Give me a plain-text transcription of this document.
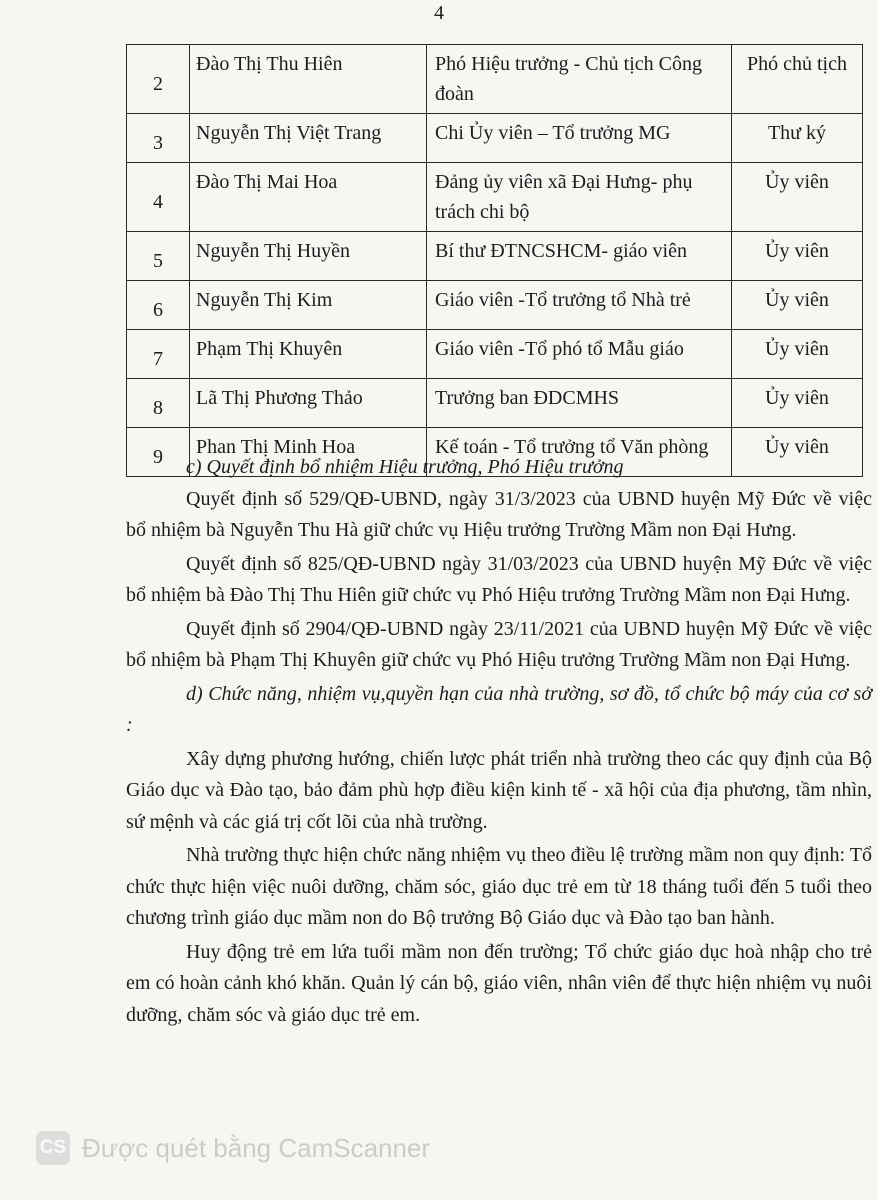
4
2	Đào Thị Thu Hiên	Phó Hiệu trưởng - Chủ tịch Công đoàn	Phó chủ tịch
3	Nguyễn Thị Việt Trang	Chi Ủy viên – Tổ trưởng MG	Thư ký
4	Đào Thị Mai Hoa	Đảng ủy viên xã Đại Hưng- phụ trách chi bộ	Ủy viên
5	Nguyễn Thị Huyền	Bí thư ĐTNCSHCM- giáo viên	Ủy viên
6	Nguyễn Thị Kim	Giáo viên -Tổ trưởng tổ Nhà trẻ	Ủy viên
7	Phạm Thị Khuyên	Giáo viên -Tổ phó tổ Mẫu giáo	Ủy viên
8	Lã Thị Phương Thảo	Trưởng ban ĐDCMHS	Ủy viên
9	Phan Thị Minh Hoa	Kế toán - Tổ trưởng tổ Văn phòng	Ủy viên

c) Quyết định bổ nhiệm Hiệu trưởng, Phó Hiệu trưởng

Quyết định số 529/QĐ-UBND, ngày 31/3/2023 của UBND huyện Mỹ Đức về việc bổ nhiệm bà Nguyễn Thu Hà giữ chức vụ Hiệu trưởng Trường Mầm non Đại Hưng.

Quyết định số 825/QĐ-UBND ngày 31/03/2023 của UBND huyện Mỹ Đức về việc bổ nhiệm bà Đào Thị Thu Hiên giữ chức vụ Phó Hiệu trưởng Trường Mầm non Đại Hưng.

Quyết định số 2904/QĐ-UBND ngày 23/11/2021 của UBND huyện Mỹ Đức về việc bổ nhiệm bà Phạm Thị Khuyên giữ chức vụ Phó Hiệu trưởng Trường Mầm non Đại Hưng.

d) Chức năng, nhiệm vụ,quyền hạn của nhà trường, sơ đồ, tổ chức bộ máy của cơ sở :

Xây dựng phương hướng, chiến lược phát triển nhà trường theo các quy định của Bộ Giáo dục và Đào tạo, bảo đảm phù hợp điều kiện kinh tế - xã hội của địa phương, tầm nhìn, sứ mệnh và các giá trị cốt lõi của nhà trường.

Nhà trường thực hiện chức năng nhiệm vụ theo điều lệ trường mầm non quy định: Tổ chức thực hiện việc nuôi dưỡng, chăm sóc, giáo dục trẻ em từ 18 tháng tuổi đến 5 tuổi theo chương trình giáo dục mầm non do Bộ trưởng Bộ Giáo dục và Đào tạo ban hành.

Huy động trẻ em lứa tuổi mầm non đến trường; Tổ chức giáo dục hoà nhập cho trẻ em có hoàn cảnh khó khăn. Quản lý cán bộ, giáo viên, nhân viên để thực hiện nhiệm vụ nuôi dưỡng, chăm sóc và giáo dục trẻ em.

CS Được quét bằng CamScanner
